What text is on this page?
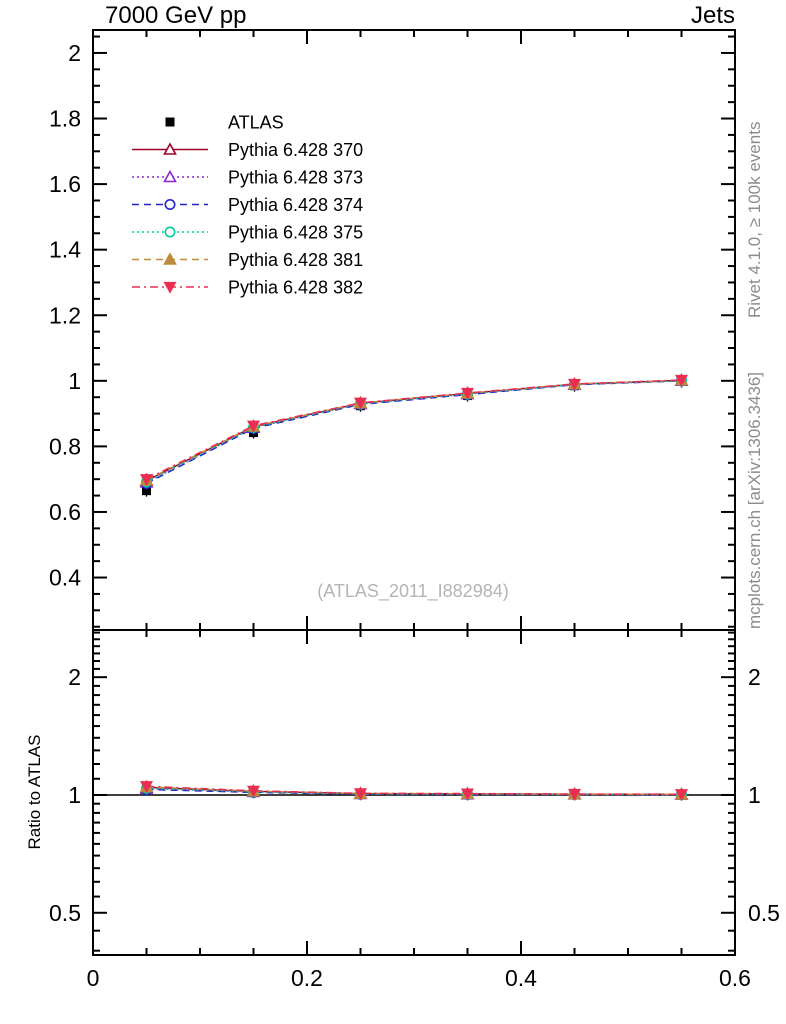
0.4
0.6
0.8
1
1.2
1.4
1.6
1.8
2
0.5	0.5
1	1
2	2
0	0.2	0.4	0.6
(ATLAS_2011_I882984)
ATLAS
Pythia 6.428 370
Pythia 6.428 373
Pythia 6.428 374
Pythia 6.428 375
Pythia 6.428 381
Pythia 6.428 382
7000 GeV pp	Jets
Rivet 4.1.0, ≥ 100k events
mcplots.cern.ch [arXiv:1306.3436]
Ratio to ATLAS
